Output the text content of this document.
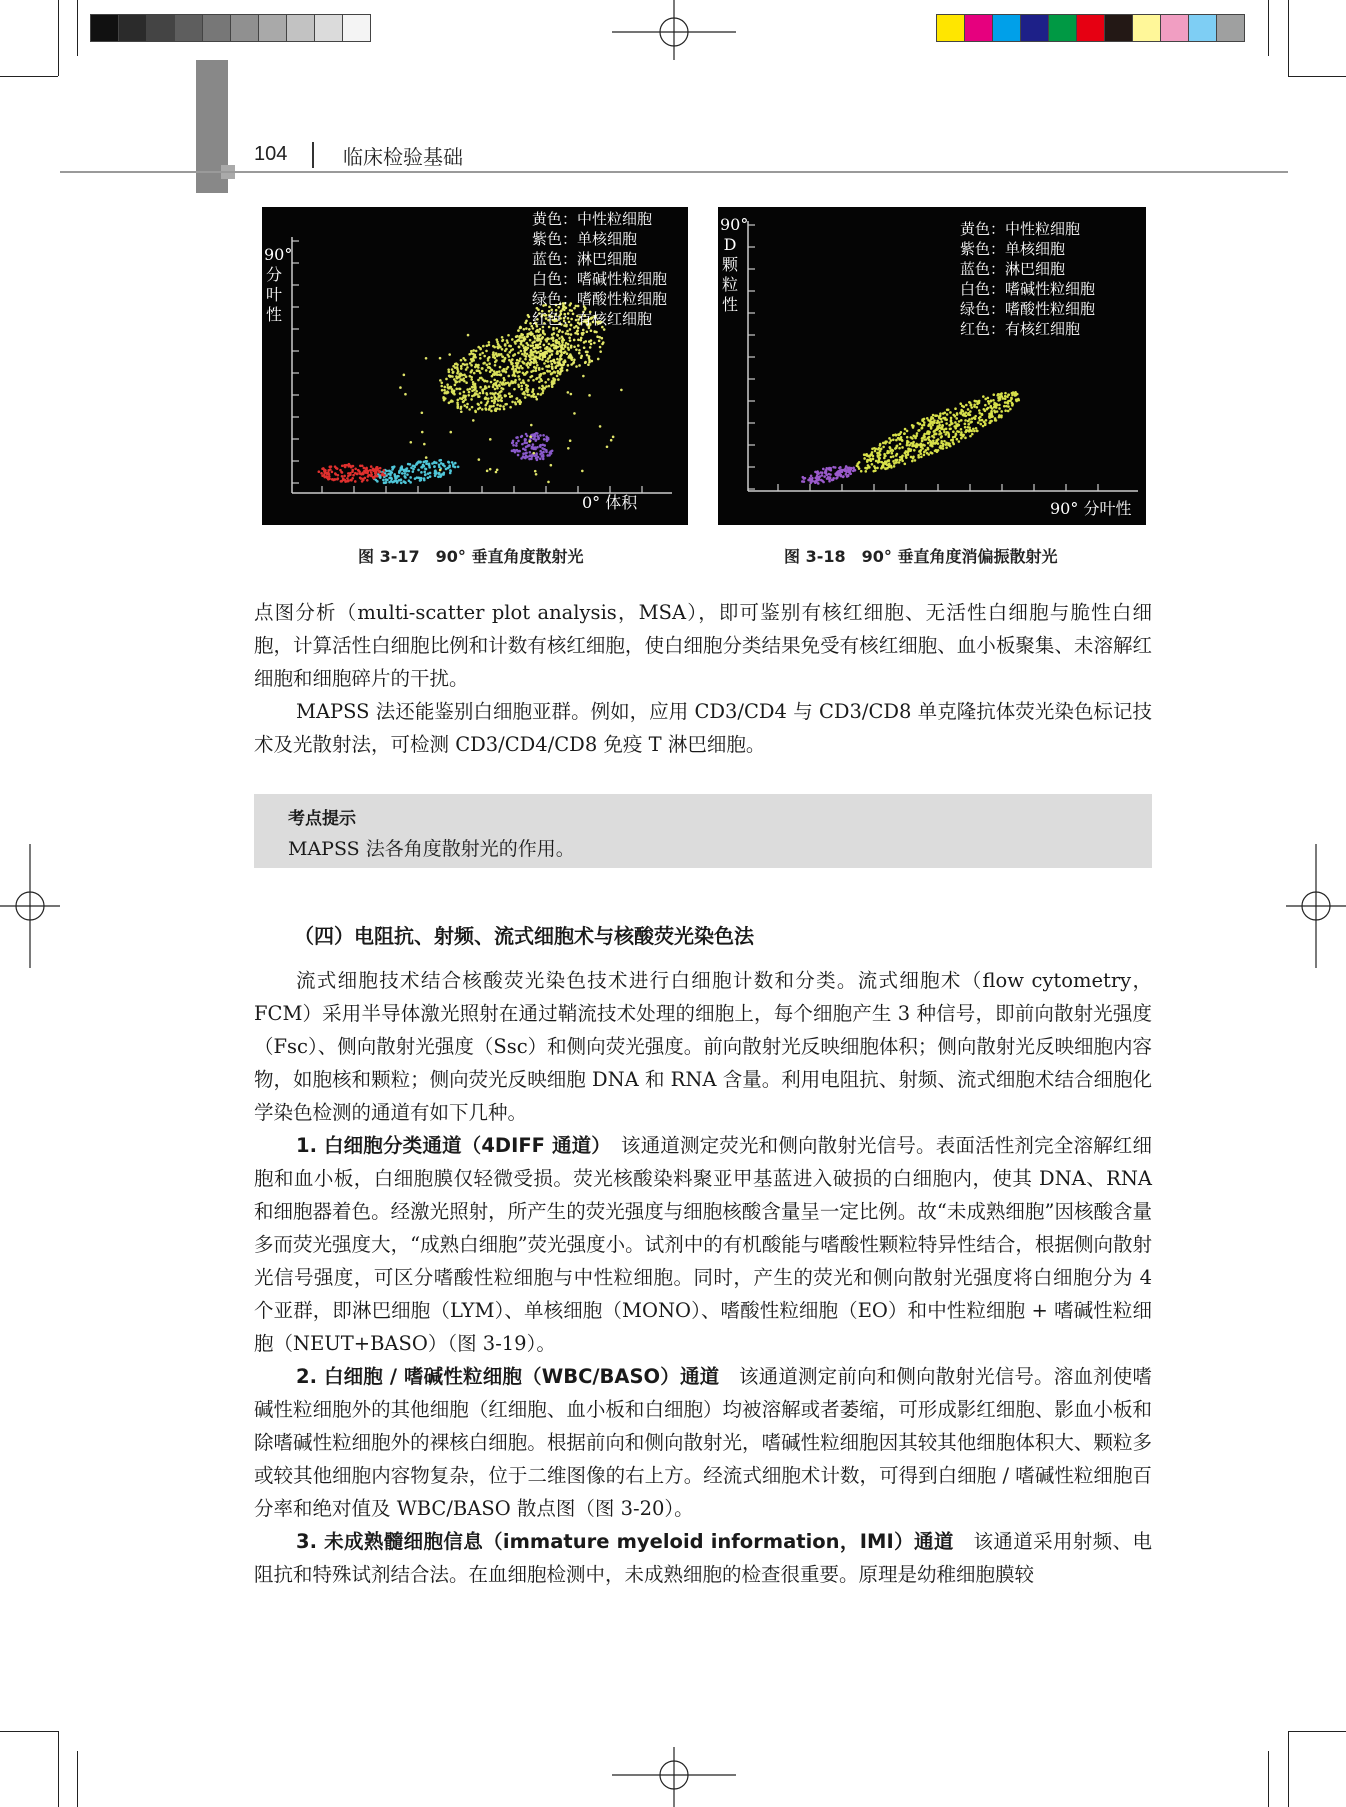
104	临床检验基础
90°
分
叶
性
0° 体积
黄色：中性粒细胞
紫色：单核细胞
蓝色：淋巴细胞
白色：嗜碱性粒细胞
绿色：嗜酸性粒细胞
红色：有核红细胞
图 3-17　90° 垂直角度散射光
90°
D
颗
粒
性
90° 分叶性
黄色：中性粒细胞
紫色：单核细胞
蓝色：淋巴细胞
白色：嗜碱性粒细胞
绿色：嗜酸性粒细胞
红色：有核红细胞
图 3-18　90° 垂直角度消偏振散射光

点图分析（multi-scatter plot analysis，MSA），即可鉴别有核红细胞、无活性白细胞与脆性白细胞，计算活性白细胞比例和计数有核红细胞，使白细胞分类结果免受有核红细胞、血小板聚集、未溶解红细胞和细胞碎片的干扰。

MAPSS 法还能鉴别白细胞亚群。例如，应用 CD3/CD4 与 CD3/CD8 单克隆抗体荧光染色标记技术及光散射法，可检测 CD3/CD4/CD8 免疫 T 淋巴细胞。

考点提示
MAPSS 法各角度散射光的作用。
（四）电阻抗、射频、流式细胞术与核酸荧光染色法

流式细胞技术结合核酸荧光染色技术进行白细胞计数和分类。流式细胞术（flow cytometry，FCM）采用半导体激光照射在通过鞘流技术处理的细胞上，每个细胞产生 3 种信号，即前向散射光强度（Fsc）、侧向散射光强度（Ssc）和侧向荧光强度。前向散射光反映细胞体积；侧向散射光反映细胞内容物，如胞核和颗粒；侧向荧光反映细胞 DNA 和 RNA 含量。利用电阻抗、射频、流式细胞术结合细胞化学染色检测的通道有如下几种。

1. 白细胞分类通道（4DIFF 通道）　该通道测定荧光和侧向散射光信号。表面活性剂完全溶解红细胞和血小板，白细胞膜仅轻微受损。荧光核酸染料聚亚甲基蓝进入破损的白细胞内，使其 DNA、RNA 和细胞器着色。经激光照射，所产生的荧光强度与细胞核酸含量呈一定比例。故“未成熟细胞”因核酸含量多而荧光强度大，“成熟白细胞”荧光强度小。试剂中的有机酸能与嗜酸性颗粒特异性结合，根据侧向散射光信号强度，可区分嗜酸性粒细胞与中性粒细胞。同时，产生的荧光和侧向散射光强度将白细胞分为 4 个亚群，即淋巴细胞（LYM）、单核细胞（MONO）、嗜酸性粒细胞（EO）和中性粒细胞 + 嗜碱性粒细胞（NEUT+BASO）（图 3-19）。

2. 白细胞 / 嗜碱性粒细胞（WBC/BASO）通道　该通道测定前向和侧向散射光信号。溶血剂使嗜碱性粒细胞外的其他细胞（红细胞、血小板和白细胞）均被溶解或者萎缩，可形成影红细胞、影血小板和除嗜碱性粒细胞外的裸核白细胞。根据前向和侧向散射光，嗜碱性粒细胞因其较其他细胞体积大、颗粒多或较其他细胞内容物复杂，位于二维图像的右上方。经流式细胞术计数，可得到白细胞 / 嗜碱性粒细胞百分率和绝对值及 WBC/BASO 散点图（图 3-20）。

3. 未成熟髓细胞信息（immature myeloid information，IMI）通道　该通道采用射频、电阻抗和特殊试剂结合法。在血细胞检测中，未成熟细胞的检查很重要。原理是幼稚细胞膜较
